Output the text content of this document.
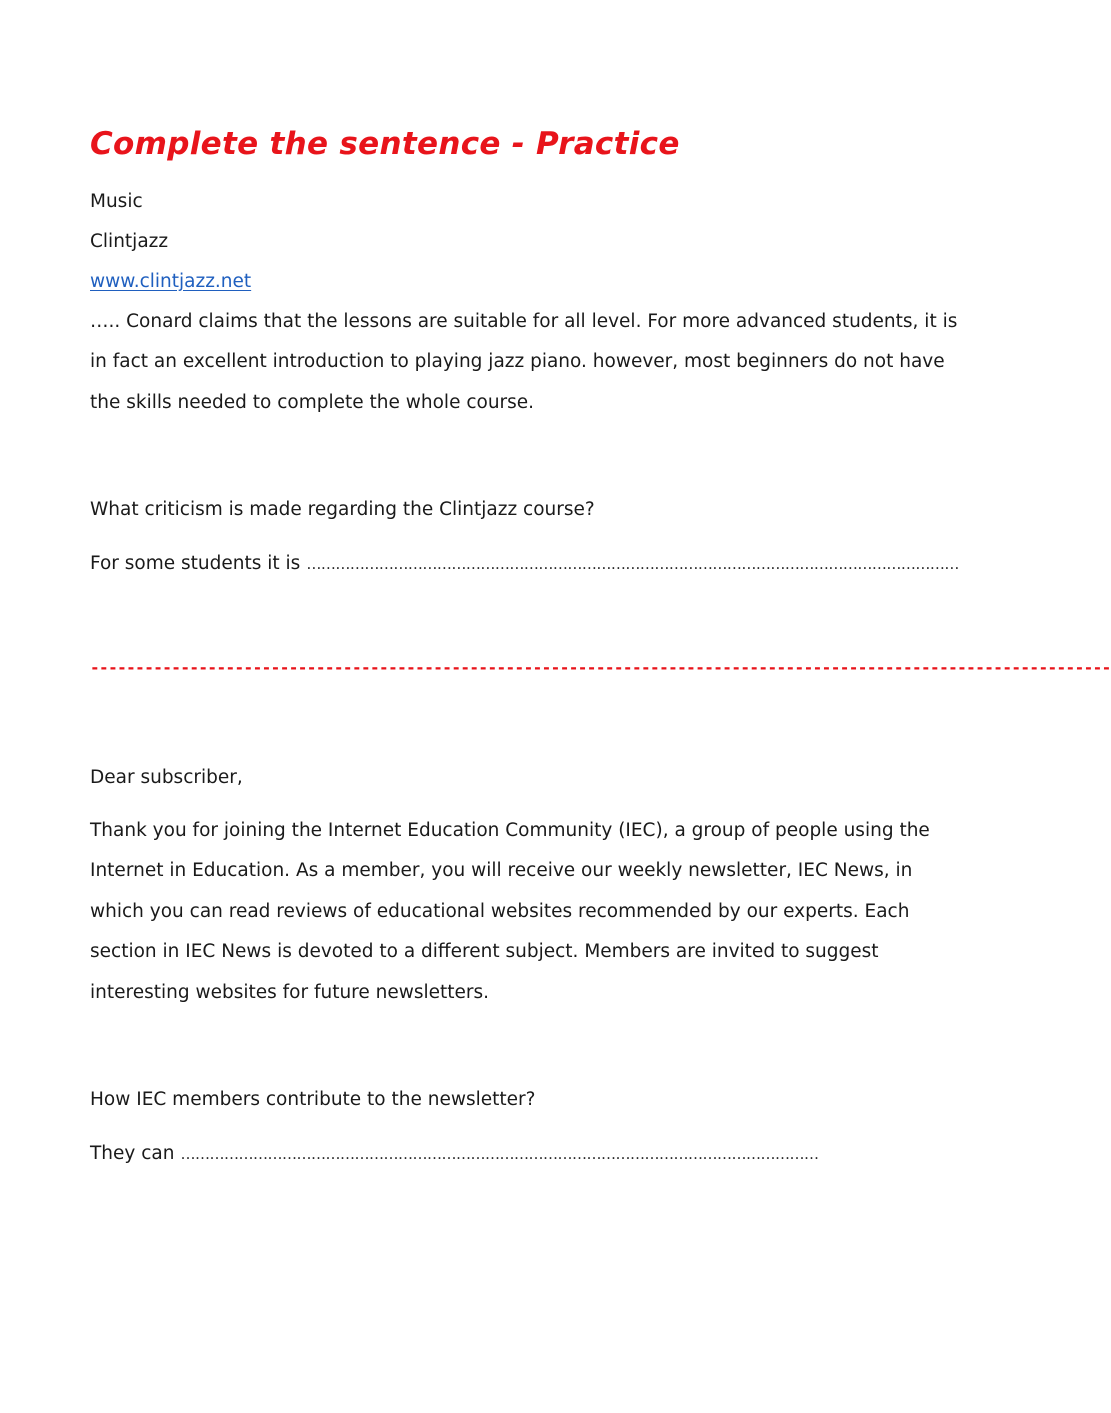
Complete the sentence - Practice

Music

Clintjazz

www.clintjazz.net

….. Conard claims that the lessons are suitable for all level. For more advanced students, it is
in fact an excellent introduction to playing jazz piano. however, most beginners do not have
the skills needed to complete the whole course.

What criticism is made regarding the Clintjazz course?

For some students it is ………………………………………………………………………………………………………………………
-----------------------------------------------------------------------------------------------------------------

Dear subscriber,

Thank you for joining the Internet Education Community (IEC), a group of people using the
Internet in Education. As a member, you will receive our weekly newsletter, IEC News, in
which you can read reviews of educational websites recommended by our experts. Each
section in IEC News is devoted to a different subject. Members are invited to suggest
interesting websites for future newsletters.

How IEC members contribute to the newsletter?

They can ……………………………………………………………………………………………………………………
